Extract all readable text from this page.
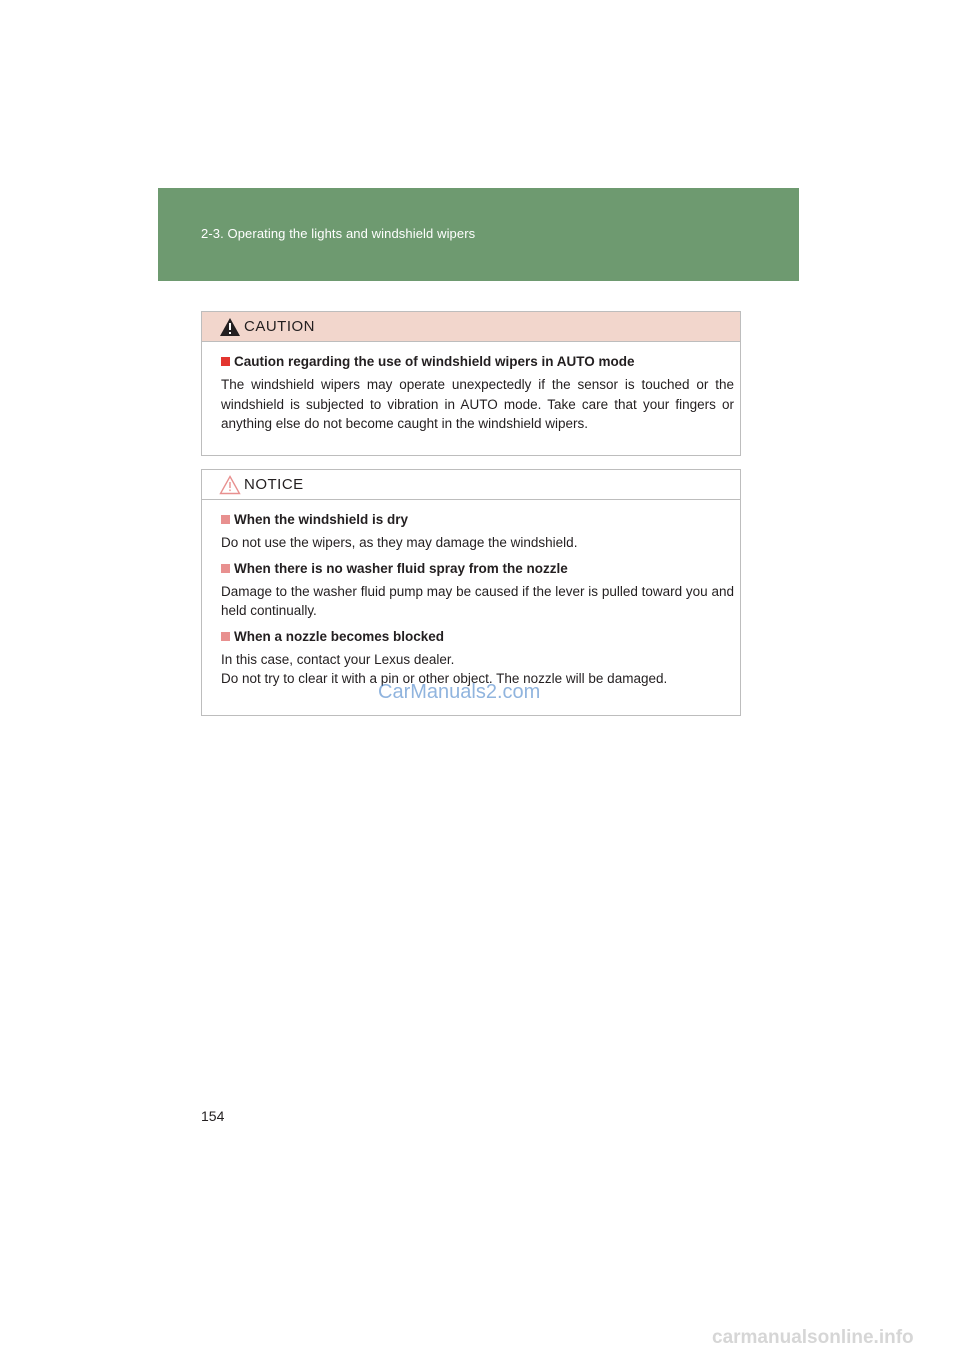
2-3. Operating the lights and windshield wipers
CAUTION
Caution regarding the use of windshield wipers in AUTO mode
The windshield wipers may operate unexpectedly if the sensor is touched or the windshield is subjected to vibration in AUTO mode. Take care that your fingers or anything else do not become caught in the windshield wipers.
NOTICE
When the windshield is dry
Do not use the wipers, as they may damage the windshield.
When there is no washer fluid spray from the nozzle
Damage to the washer fluid pump may be caused if the lever is pulled toward you and held continually.
When a nozzle becomes blocked
In this case, contact your Lexus dealer.
Do not try to clear it with a pin or other object. The nozzle will be damaged.
CarManuals2.com
154
carmanualsonline.info
